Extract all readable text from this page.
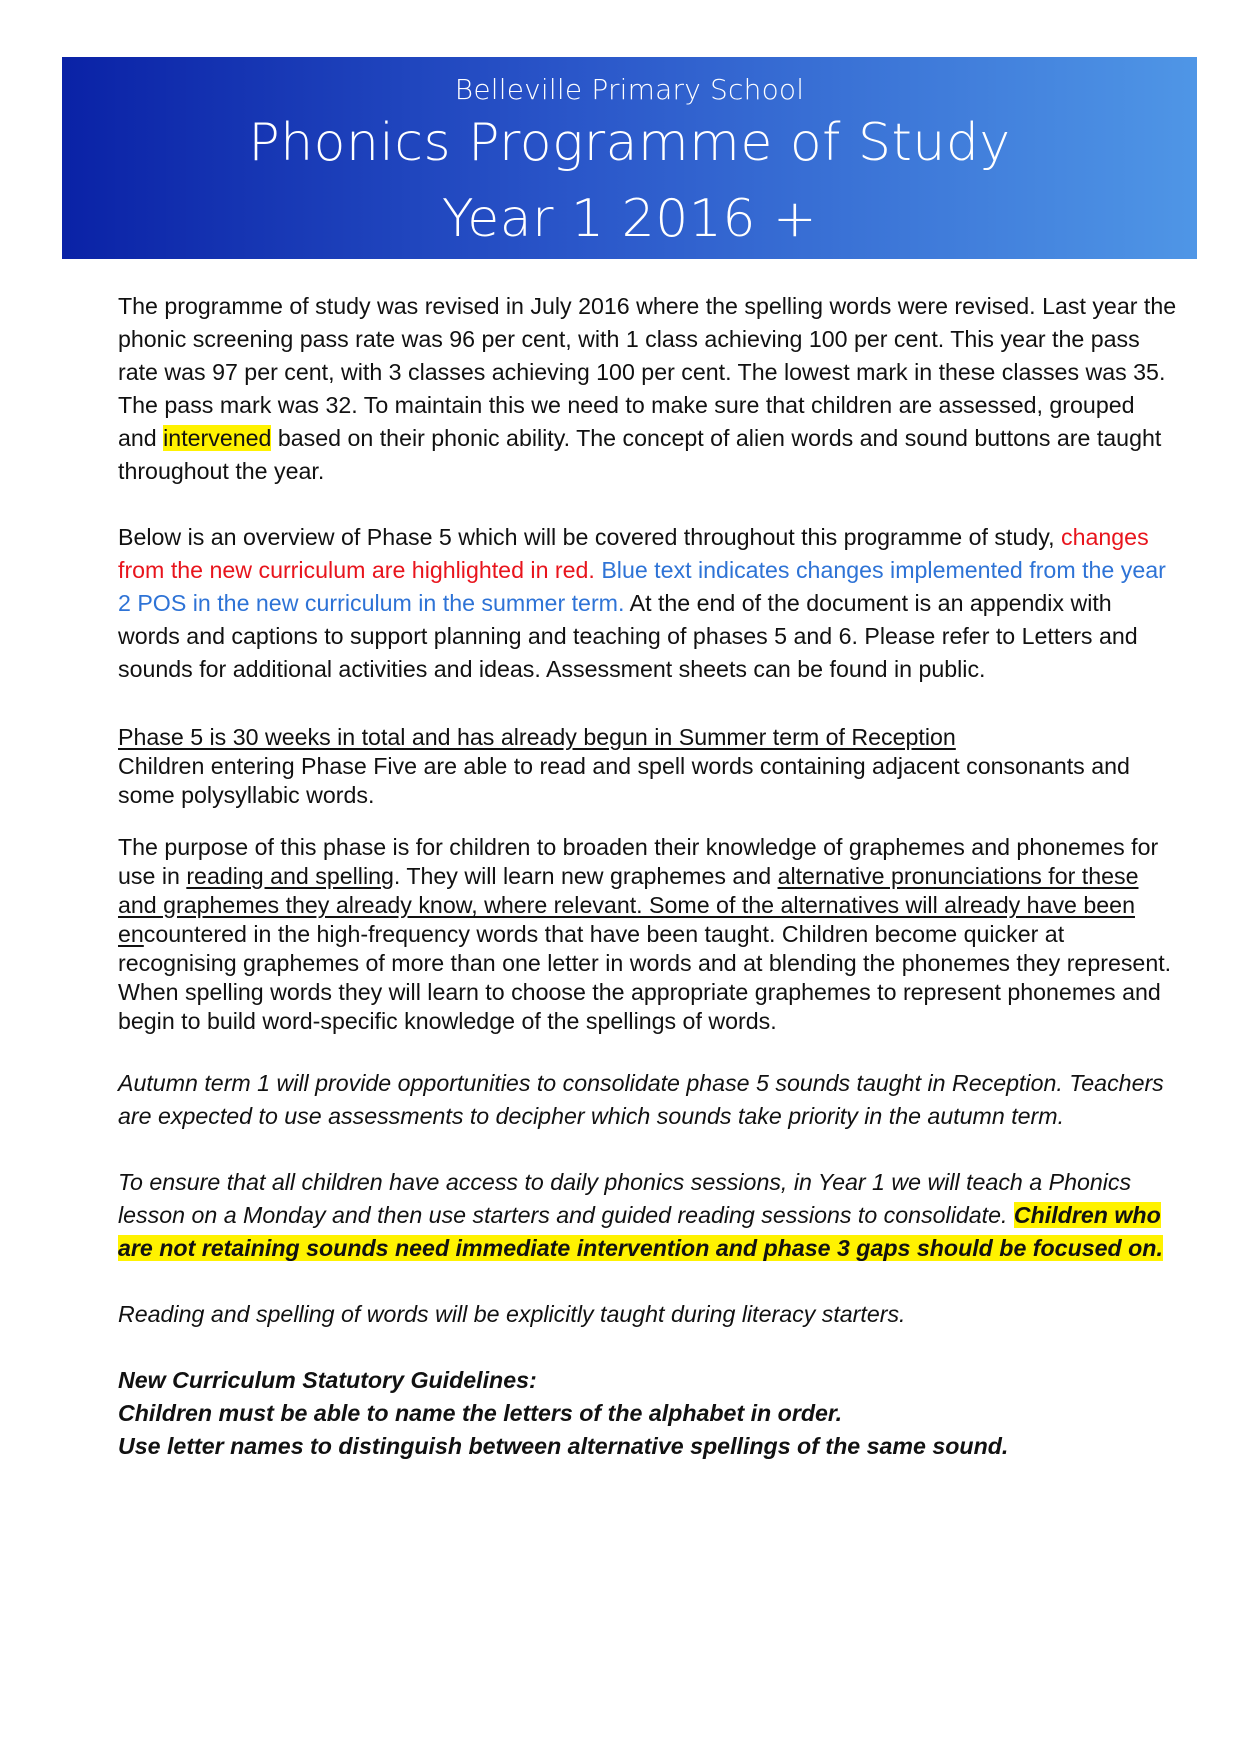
Belleville Primary School
Phonics Programme of Study
Year 1 2016 +

The programme of study was revised in July 2016 where the spelling words were revised. Last year the phonic screening pass rate was 96 per cent, with 1 class achieving 100 per cent. This year the pass rate was 97 per cent, with 3 classes achieving 100 per cent. The lowest mark in these classes was 35. The pass mark was 32. To maintain this we need to make sure that children are assessed, grouped and intervened based on their phonic ability. The concept of alien words and sound buttons are taught throughout the year.

Below is an overview of Phase 5 which will be covered throughout this programme of study, changes from the new curriculum are highlighted in red. Blue text indicates changes implemented from the year 2 POS in the new curriculum in the summer term. At the end of the document is an appendix with words and captions to support planning and teaching of phases 5 and 6. Please refer to Letters and sounds for additional activities and ideas. Assessment sheets can be found in public.

Phase 5 is 30 weeks in total and has already begun in Summer term of Reception
Children entering Phase Five are able to read and spell words containing adjacent consonants and some polysyllabic words.

The purpose of this phase is for children to broaden their knowledge of graphemes and phonemes for use in reading and spelling. They will learn new graphemes and alternative pronunciations for these and graphemes they already know, where relevant. Some of the alternatives will already have been encountered in the high-frequency words that have been taught. Children become quicker at recognising graphemes of more than one letter in words and at blending the phonemes they represent. When spelling words they will learn to choose the appropriate graphemes to represent phonemes and begin to build word-specific knowledge of the spellings of words.

Autumn term 1 will provide opportunities to consolidate phase 5 sounds taught in Reception. Teachers are expected to use assessments to decipher which sounds take priority in the autumn term.

To ensure that all children have access to daily phonics sessions, in Year 1 we will teach a Phonics lesson on a Monday and then use starters and guided reading sessions to consolidate. Children who are not retaining sounds need immediate intervention and phase 3 gaps should be focused on.

Reading and spelling of words will be explicitly taught during literacy starters.

New Curriculum Statutory Guidelines:
Children must be able to name the letters of the alphabet in order.
Use letter names to distinguish between alternative spellings of the same sound.
